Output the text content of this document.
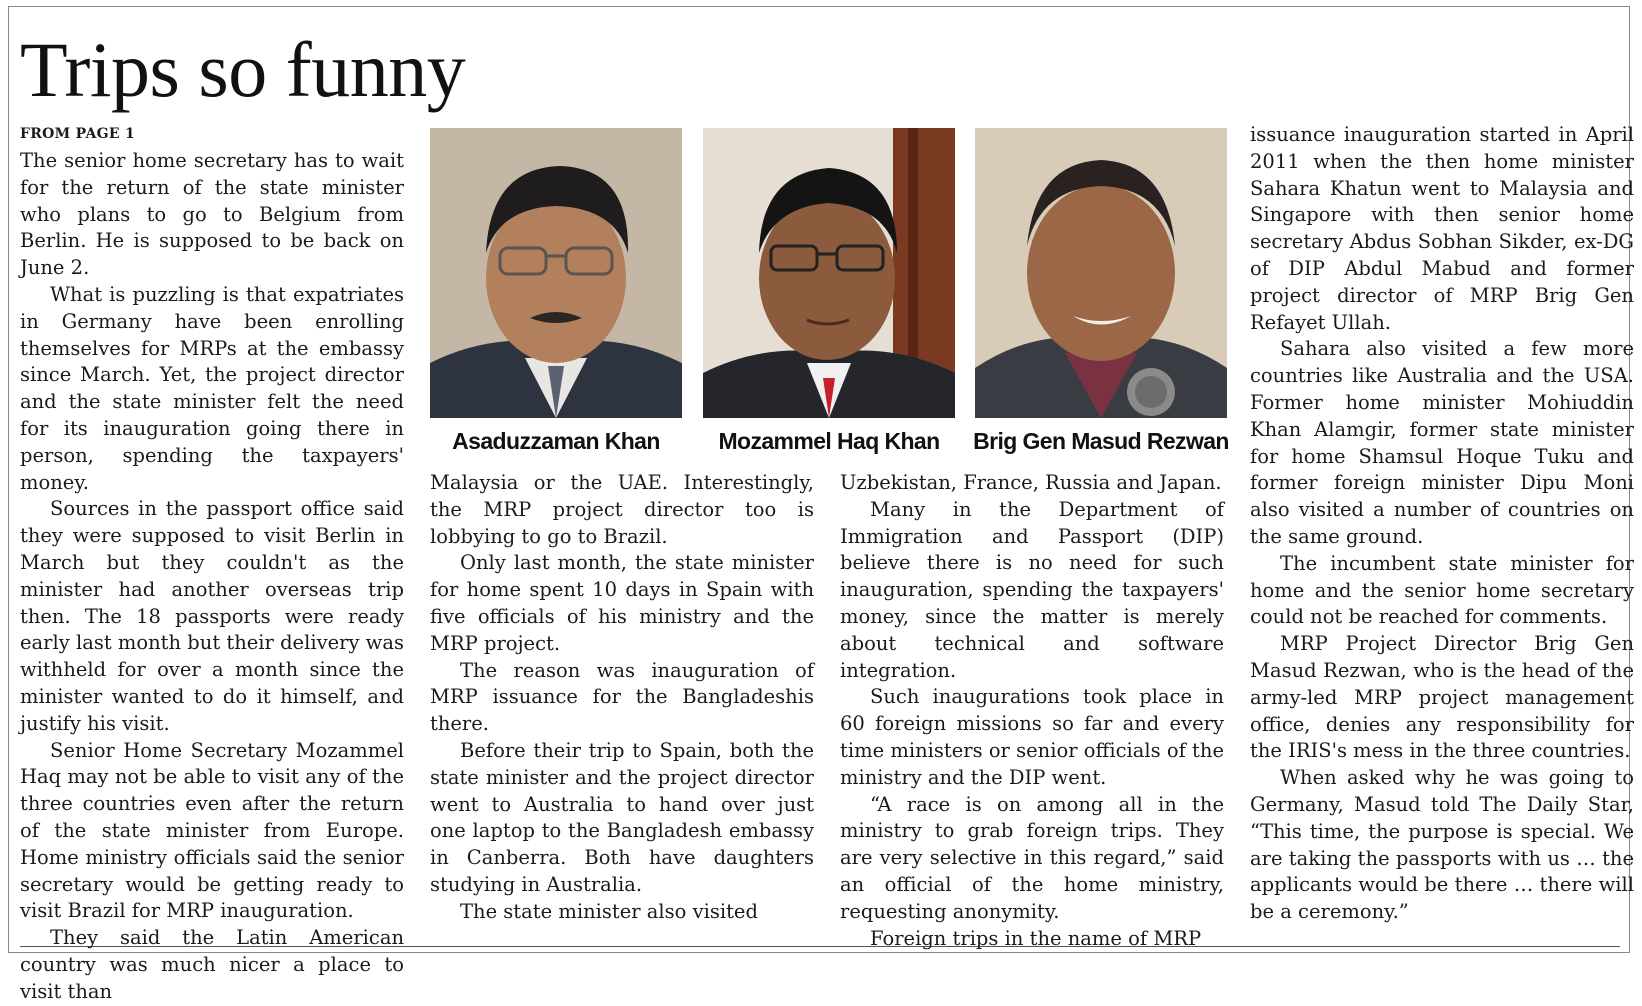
Trips so funny
FROM PAGE 1

The senior home secretary has to wait for the return of the state minister who plans to go to Belgium from Berlin. He is supposed to be back on June 2.

What is puzzling is that expatriates in Germany have been enrolling themselves for MRPs at the embassy since March. Yet, the project director and the state minister felt the need for its inauguration going there in person, spending the taxpayers' money.

Sources in the passport office said they were supposed to visit Berlin in March but they couldn't as the minister had another overseas trip then. The 18 passports were ready early last month but their delivery was withheld for over a month since the minister wanted to do it himself, and justify his visit.

Senior Home Secretary Mozammel Haq may not be able to visit any of the three countries even after the return of the state minister from Europe. Home ministry officials said the senior secretary would be getting ready to visit Brazil for MRP inauguration.

They said the Latin American country was much nicer a place to visit than

Asaduzzaman Khan	Mozammel Haq Khan	Brig Gen Masud Rezwan

Malaysia or the UAE. Interestingly, the MRP project director too is lobbying to go to Brazil.

Only last month, the state minister for home spent 10 days in Spain with five officials of his ministry and the MRP project.

The reason was inauguration of MRP issuance for the Bangladeshis there.

Before their trip to Spain, both the state minister and the project director went to Australia to hand over just one laptop to the Bangladesh embassy in Canberra. Both have daughters studying in Australia.

The state minister also visited

Uzbekistan, France, Russia and Japan.

Many in the Department of Immigration and Passport (DIP) believe there is no need for such inauguration, spending the taxpayers' money, since the matter is merely about technical and software integration.

Such inaugurations took place in 60 foreign missions so far and every time ministers or senior officials of the ministry and the DIP went.

“A race is on among all in the ministry to grab foreign trips. They are very selective in this regard,” said an official of the home ministry, requesting anonymity.

Foreign trips in the name of MRP

issuance inauguration started in April 2011 when the then home minister Sahara Khatun went to Malaysia and Singapore with then senior home secretary Abdus Sobhan Sikder, ex-DG of DIP Abdul Mabud and former project director of MRP Brig Gen Refayet Ullah.

Sahara also visited a few more countries like Australia and the USA. Former home minister Mohiuddin Khan Alamgir, former state minister for home Shamsul Hoque Tuku and former foreign minister Dipu Moni also visited a number of countries on the same ground.

The incumbent state minister for home and the senior home secretary could not be reached for comments.

MRP Project Director Brig Gen Masud Rezwan, who is the head of the army-led MRP project management office, denies any responsibility for the IRIS's mess in the three countries.

When asked why he was going to Germany, Masud told The Daily Star, “This time, the purpose is special. We are taking the passports with us … the applicants would be there … there will be a ceremony.”
